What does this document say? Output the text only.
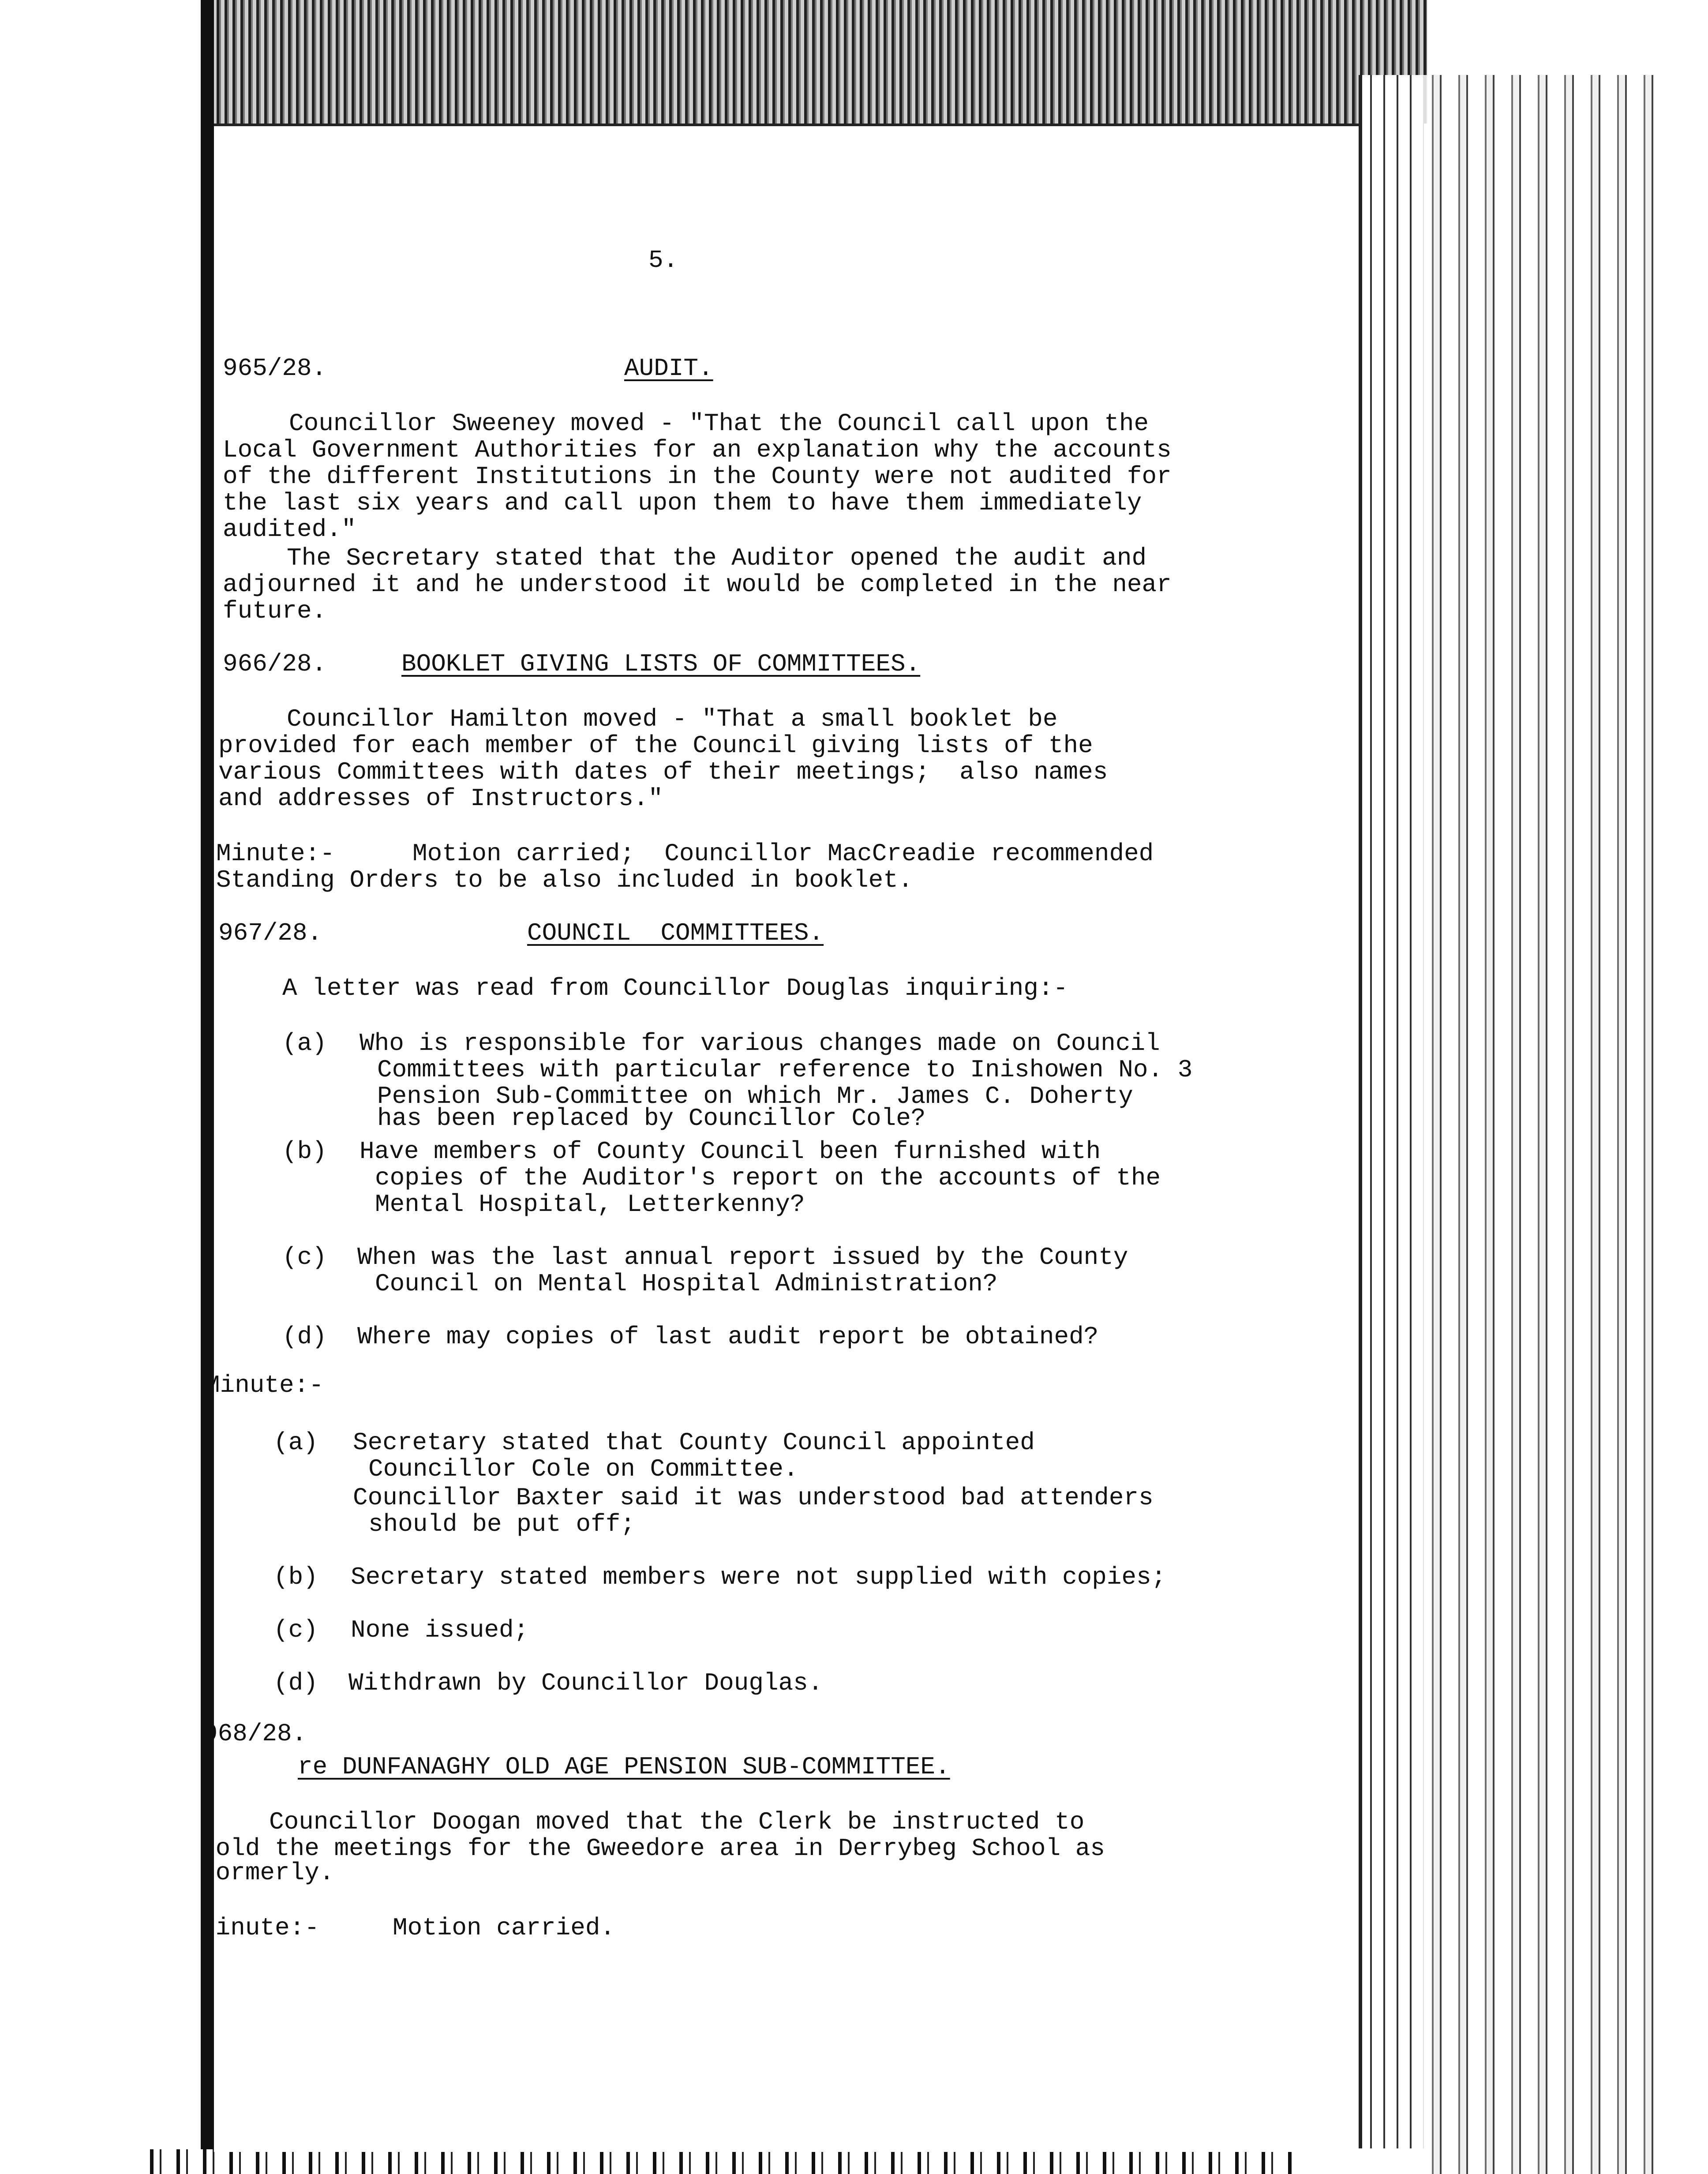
5.
965/28.	AUDIT.
Councillor Sweeney moved - "That the Council call upon the
Local Government Authorities for an explanation why the accounts
of the different Institutions in the County were not audited for
the last six years and call upon them to have them immediately
audited."
The Secretary stated that the Auditor opened the audit and
adjourned it and he understood it would be completed in the near
future.
966/28.	BOOKLET GIVING LISTS OF COMMITTEES.
Councillor Hamilton moved - "That a small booklet be
provided for each member of the Council giving lists of the
various Committees with dates of their meetings;  also names
and addresses of Instructors."
Minute:-	Motion carried;  Councillor MacCreadie recommended
Standing Orders to be also included in booklet.
967/28.	COUNCIL  COMMITTEES.
A letter was read from Councillor Douglas inquiring:-
(a) Who is responsible for various changes made on Council
Committees with particular reference to Inishowen No. 3
Pension Sub-Committee on which Mr. James C. Doherty
has been replaced by Councillor Cole?
(b) Have members of County Council been furnished with
copies of the Auditor's report on the accounts of the
Mental Hospital, Letterkenny?
(c) When was the last annual report issued by the County
Council on Mental Hospital Administration?
(d) Where may copies of last audit report be obtained?
Minute:-
(a) Secretary stated that County Council appointed
Councillor Cole on Committee.
Councillor Baxter said it was understood bad attenders
should be put off;
(b) Secretary stated members were not supplied with copies;
(c) None issued;
(d) Withdrawn by Councillor Douglas.
968/28.
re DUNFANAGHY OLD AGE PENSION SUB-COMMITTEE.
Councillor Doogan moved that the Clerk be instructed to
hold the meetings for the Gweedore area in Derrybeg School as
formerly.
Minute:-	Motion carried.
